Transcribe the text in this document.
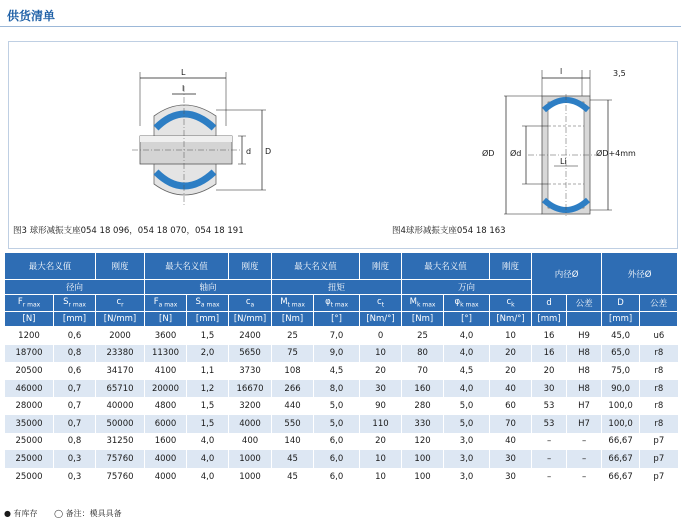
供货清单
L
l
d D
l	3,5
Li
ØD Ød	ØD+4mm
图3 球形减振支座054 18 096，054 18 070，054 18 191	图4球形减振支座054 18 163
最大名义值		刚度	最大名义值		刚度	最大名义值		刚度	最大名义值		刚度	内径Ø		外径Ø	
径向			轴向			扭矩			万向						
$F_{r max}$	$S_{r max}$	$c_r$	$F_{a max}$	$S_{a max}$	$c_a$	$M_{t max}$	$\varphi_{t max}$	$c_t$	$M_{k max}$	$\varphi_{k max}$	$c_k$	d	公差	D	公差
[N]	[mm]	[N/mm]	[N]	[mm]	[N/mm]	[Nm]	[°]	[Nm/°]	[Nm]	[°]	[Nm/°]	[mm]		[mm]	
1200	0,6	2000	3600	1,5	2400	25	7,0	0	25	4,0	10	16	H9	45,0	u6
18700	0,8	23380	11300	2,0	5650	75	9,0	10	80	4,0	20	16	H8	65,0	r8
20500	0,6	34170	4100	1,1	3730	108	4,5	20	70	4,5	20	20	H8	75,0	r8
46000	0,7	65710	20000	1,2	16670	266	8,0	30	160	4,0	40	30	H8	90,0	r8
28000	0,7	40000	4800	1,5	3200	440	5,0	90	280	5,0	60	53	H7	100,0	r8
35000	0,7	50000	6000	1,5	4000	550	5,0	110	330	5,0	70	53	H7	100,0	r8
25000	0,8	31250	1600	4,0	400	140	6,0	20	120	3,0	40	–	–	66,67	p7
25000	0,3	75760	4000	4,0	1000	45	6,0	10	100	3,0	30	–	–	66,67	p7
25000	0,3	75760	4000	4,0	1000	45	6,0	10	100	3,0	30	–	–	66,67	p7
● 有库存 ◯ 备注：模具具备
